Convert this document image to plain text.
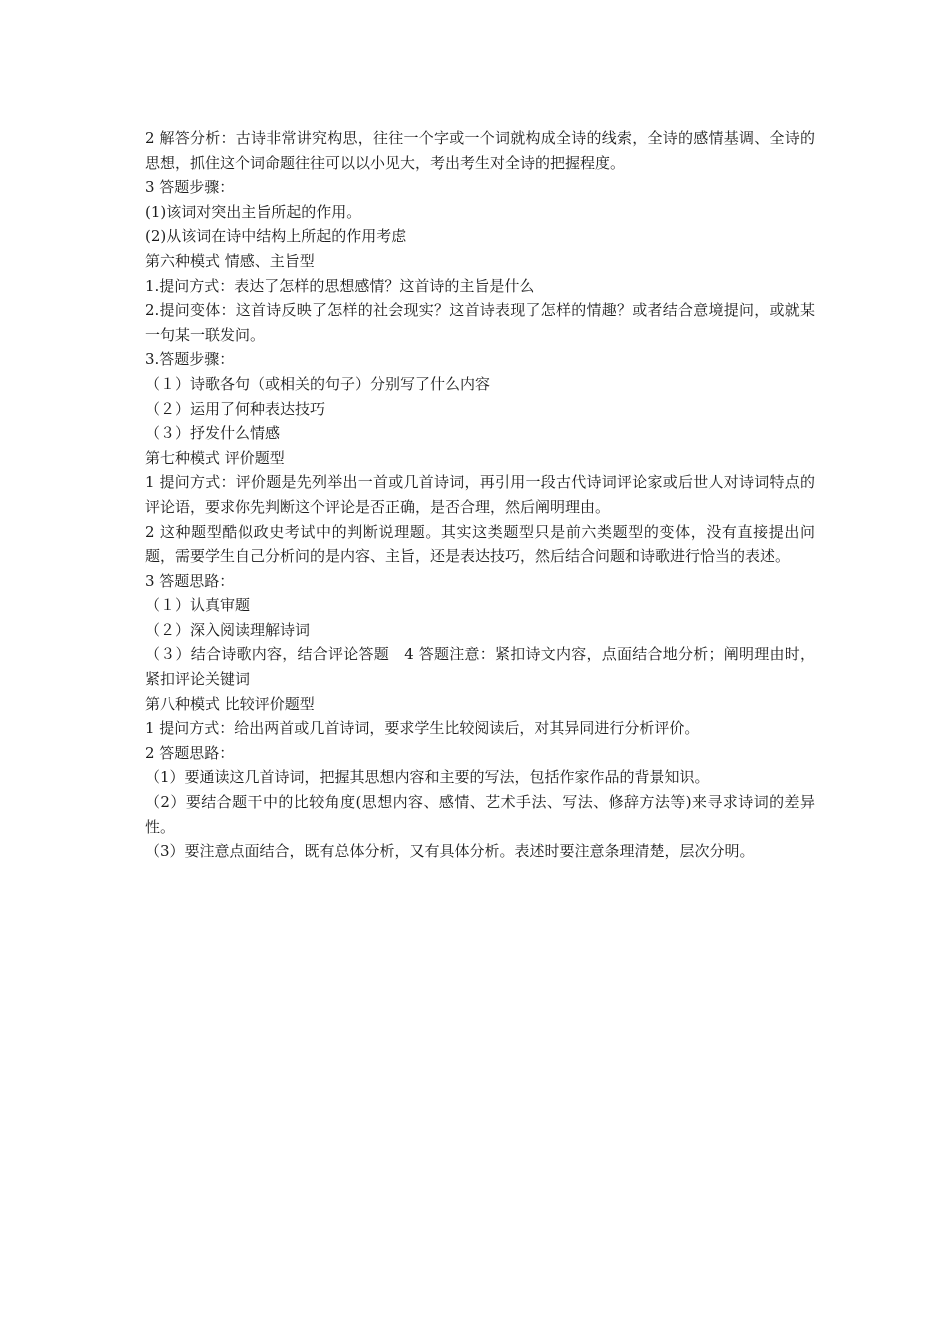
2 解答分析：古诗非常讲究构思，往往一个字或一个词就构成全诗的线索，全诗的感情基调、全诗的思想，抓住这个词命题往往可以以小见大，考出考生对全诗的把握程度。

3 答题步骤：

(1)该词对突出主旨所起的作用。

(2)从该词在诗中结构上所起的作用考虑

第六种模式 情感、主旨型

1.提问方式：表达了怎样的思想感情？这首诗的主旨是什么

2.提问变体：这首诗反映了怎样的社会现实？这首诗表现了怎样的情趣？或者结合意境提问，或就某一句某一联发问。

3.答题步骤：

（１）诗歌各句（或相关的句子）分别写了什么内容

（２）运用了何种表达技巧

（３）抒发什么情感

第七种模式 评价题型

1 提问方式：评价题是先列举出一首或几首诗词，再引用一段古代诗词评论家或后世人对诗词特点的评论语，要求你先判断这个评论是否正确，是否合理，然后阐明理由。

2 这种题型酷似政史考试中的判断说理题。其实这类题型只是前六类题型的变体，没有直接提出问题，需要学生自己分析问的是内容、主旨，还是表达技巧，然后结合问题和诗歌进行恰当的表述。

3 答题思路：

（１）认真审题

（２）深入阅读理解诗词

（３）结合诗歌内容，结合评论答题　4 答题注意：紧扣诗文内容，点面结合地分析；阐明理由时，紧扣评论关键词

第八种模式 比较评价题型

1 提问方式：给出两首或几首诗词，要求学生比较阅读后，对其异同进行分析评价。

2 答题思路：

（1）要通读这几首诗词，把握其思想内容和主要的写法，包括作家作品的背景知识。

（2）要结合题干中的比较角度(思想内容、感情、艺术手法、写法、修辞方法等)来寻求诗词的差异性。

（3）要注意点面结合，既有总体分析，又有具体分析。表述时要注意条理清楚，层次分明。
